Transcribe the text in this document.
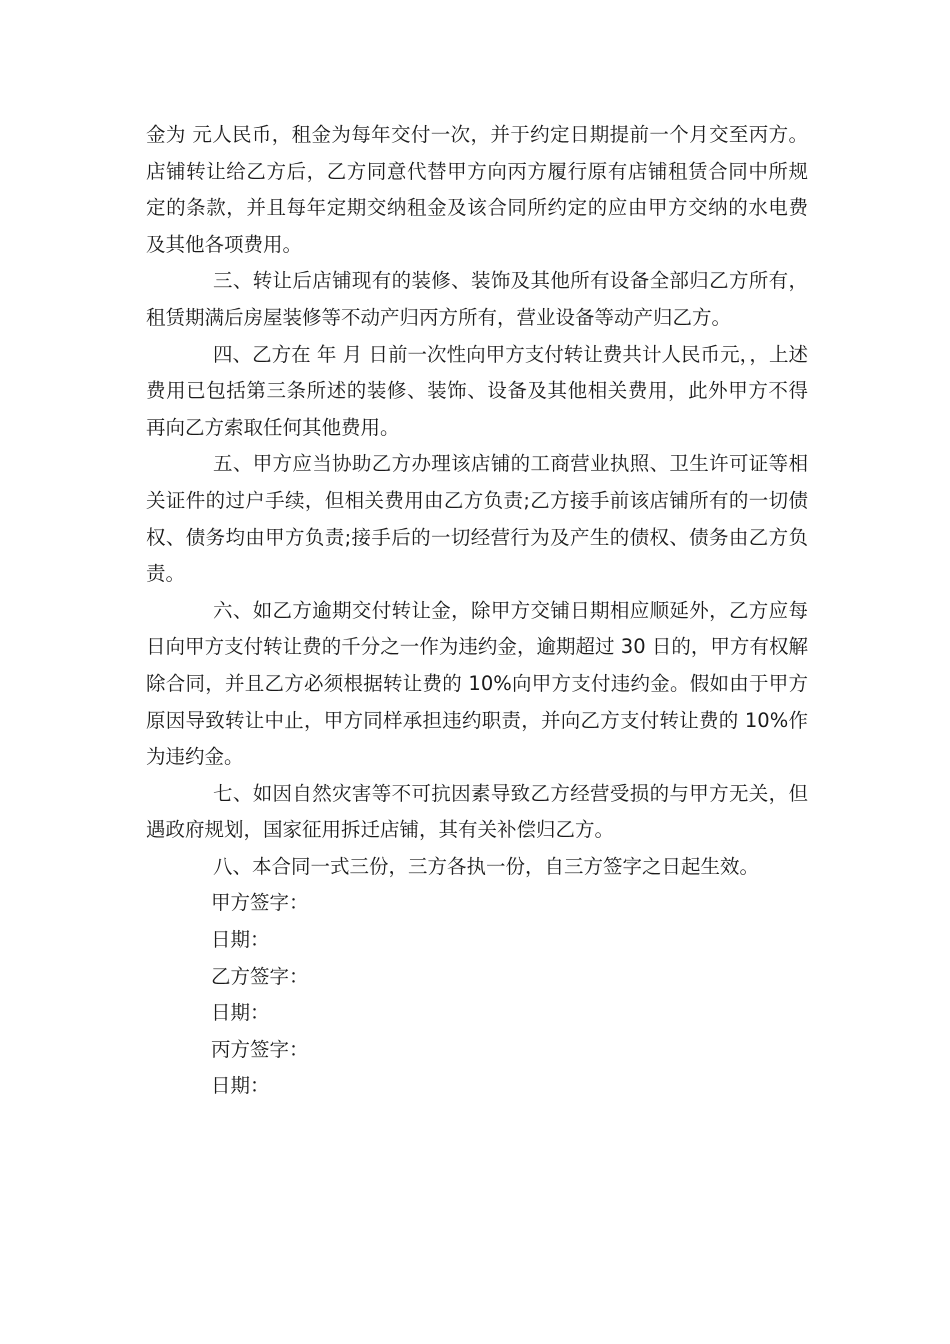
金为 元人民币，租金为每年交付一次，并于约定日期提前一个月交至丙方。店铺转让给乙方后，乙方同意代替甲方向丙方履行原有店铺租赁合同中所规定的条款，并且每年定期交纳租金及该合同所约定的应由甲方交纳的水电费及其他各项费用。

三、转让后店铺现有的装修、装饰及其他所有设备全部归乙方所有，租赁期满后房屋装修等不动产归丙方所有，营业设备等动产归乙方。

四、乙方在 年 月 日前一次性向甲方支付转让费共计人民币元，，上述费用已包括第三条所述的装修、装饰、设备及其他相关费用，此外甲方不得再向乙方索取任何其他费用。

五、甲方应当协助乙方办理该店铺的工商营业执照、卫生许可证等相关证件的过户手续，但相关费用由乙方负责;乙方接手前该店铺所有的一切债权、债务均由甲方负责;接手后的一切经营行为及产生的债权、债务由乙方负责。

六、如乙方逾期交付转让金，除甲方交铺日期相应顺延外，乙方应每日向甲方支付转让费的千分之一作为违约金，逾期超过 30 日的，甲方有权解除合同，并且乙方必须根据转让费的 10%向甲方支付违约金。假如由于甲方原因导致转让中止，甲方同样承担违约职责，并向乙方支付转让费的 10%作为违约金。

七、如因自然灾害等不可抗因素导致乙方经营受损的与甲方无关，但遇政府规划，国家征用拆迁店铺，其有关补偿归乙方。

八、本合同一式三份，三方各执一份，自三方签字之日起生效。

甲方签字：

日期：

乙方签字：

日期：

丙方签字：

日期：
